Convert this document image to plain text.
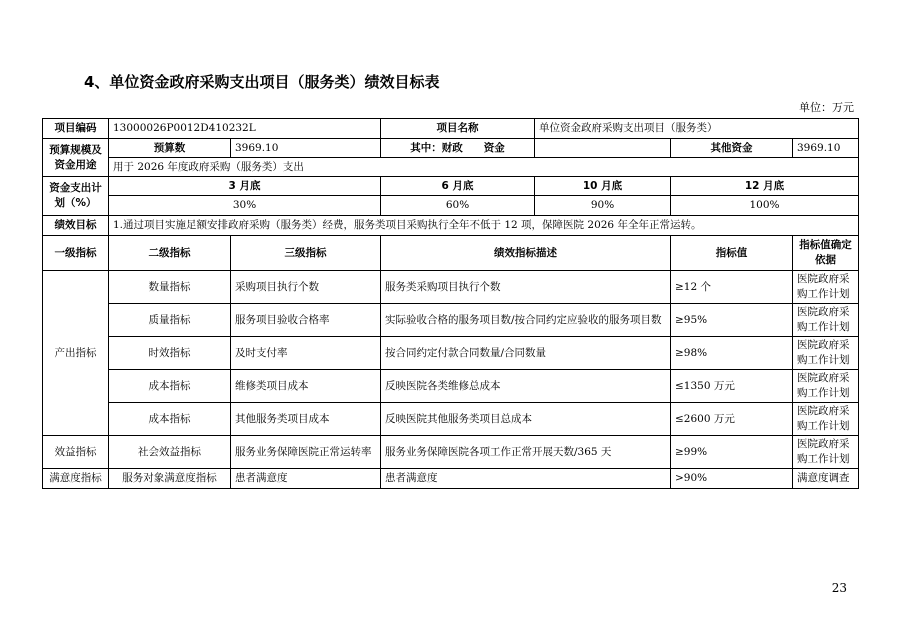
4、单位资金政府采购支出项目（服务类）绩效目标表
单位：万元
项目编码	13000026P0012D410232L		项目名称	单位资金政府采购支出项目（服务类）		
预算规模及资金用途	预算数	3969.10	其中：财政　　资金		其他资金	3969.10
	用于 2026 年度政府采购（服务类）支出					
资金支出计划（%）	3 月底		6 月底	10 月底	12 月底	
	30%		60%	90%	100%	
绩效目标	1.通过项目实施足额安排政府采购（服务类）经费，服务类项目采购执行全年不低于 12 项，保障医院 2026 年全年正常运转。					
一级指标	二级指标	三级指标	绩效指标描述		指标值	指标值确定依据
产出指标	数量指标	采购项目执行个数	服务类采购项目执行个数		≥12 个	医院政府采购工作计划
	质量指标	服务项目验收合格率	实际验收合格的服务项目数/按合同约定应验收的服务项目数		≥95%	医院政府采购工作计划
	时效指标	及时支付率	按合同约定付款合同数量/合同数量		≥98%	医院政府采购工作计划
	成本指标	维修类项目成本	反映医院各类维修总成本		≤1350 万元	医院政府采购工作计划
	成本指标	其他服务类项目成本	反映医院其他服务类项目总成本		≤2600 万元	医院政府采购工作计划
效益指标	社会效益指标	服务业务保障医院正常运转率	服务业务保障医院各项工作正常开展天数/365 天		≥99%	医院政府采购工作计划
满意度指标	服务对象满意度指标	患者满意度	患者满意度		>90%	满意度调查
23
